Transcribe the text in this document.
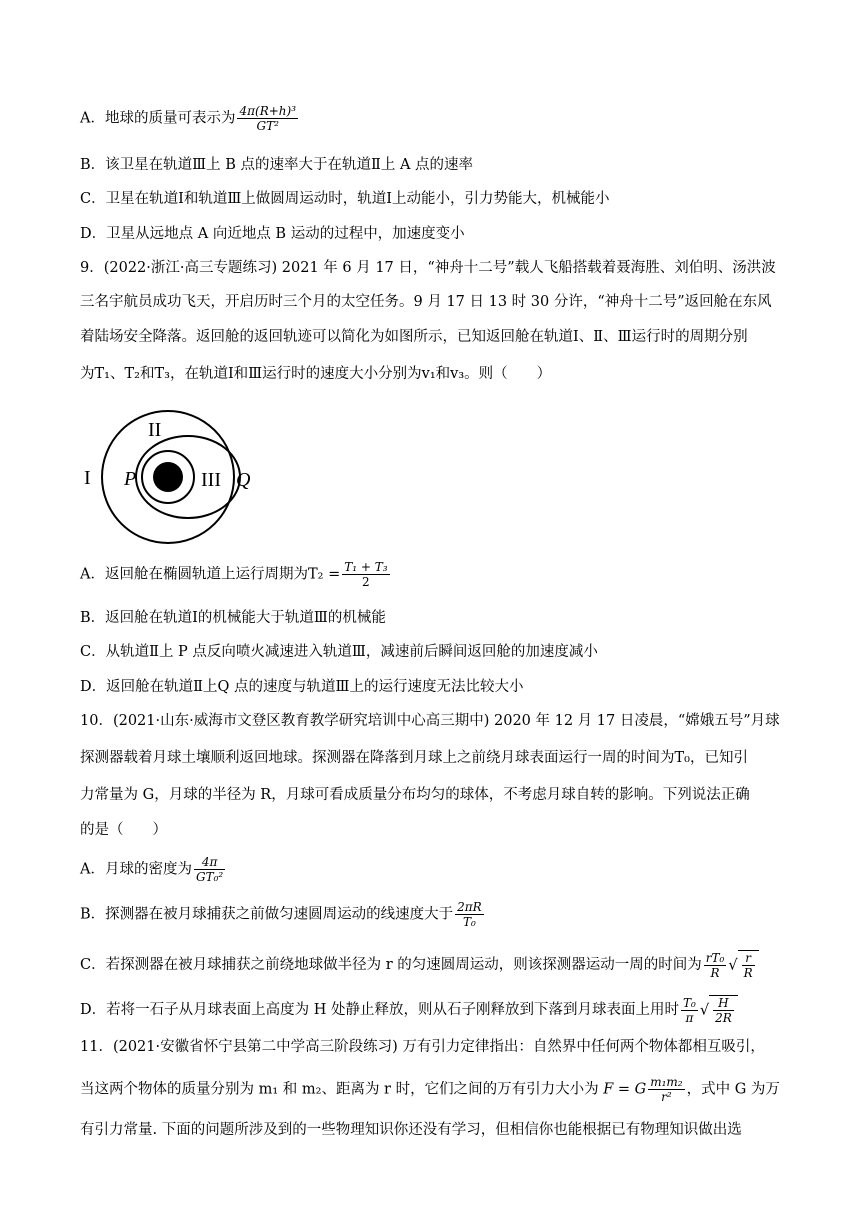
A．地球的质量可表示为 $\frac{\text{4π(R+h)³}}{\text{GT²}}$
B．该卫星在轨道Ⅲ上 B 点的速率大于在轨道Ⅱ上 A 点的速率
C．卫星在轨道Ⅰ和轨道Ⅲ上做圆周运动时，轨道Ⅰ上动能小，引力势能大，机械能小
D．卫星从远地点 A 向近地点 B 运动的过程中，加速度变小
9．(2022·浙江·高三专题练习) 2021 年 6 月 17 日，“神舟十二号”载人飞船搭载着聂海胜、刘伯明、汤洪波
三名宇航员成功飞天，开启历时三个月的太空任务。9 月 17 日 13 时 30 分许，“神舟十二号”返回舱在东风
着陆场安全降落。返回舱的返回轨迹可以简化为如图所示，已知返回舱在轨道Ⅰ、Ⅱ、Ⅲ运行时的周期分别
为T₁、T₂和T₃，在轨道Ⅰ和Ⅲ运行时的速度大小分别为v₁和v₃。则（　　）
I
II
P	III Q
A．返回舱在椭圆轨道上运行周期为$T_2 = \frac{\text{T₁ + T₃}}{2}$
B．返回舱在轨道Ⅰ的机械能大于轨道Ⅲ的机械能
C．从轨道Ⅱ上 P 点反向喷火减速进入轨道Ⅲ，减速前后瞬间返回舱的加速度减小
D．返回舱在轨道Ⅱ上Q 点的速度与轨道Ⅲ上的运行速度无法比较大小
10．(2021·山东·威海市文登区教育教学研究培训中心高三期中) 2020 年 12 月 17 日凌晨，“嫦娥五号”月球
探测器载着月球土壤顺利返回地球。探测器在降落到月球上之前绕月球表面运行一周的时间为T₀，已知引
力常量为 G，月球的半径为 R，月球可看成质量分布均匀的球体，不考虑月球自转的影响。下列说法正确
的是（　　）
A．月球的密度为 $\frac{4\pi}{\text{GT₀²}}$
B．探测器在被月球捕获之前做匀速圆周运动的线速度大于 $\frac{2\pi R}{\text{T₀}}$
C．若探测器在被月球捕获之前绕地球做半径为 r 的匀速圆周运动，则该探测器运动一周的时间为 $\frac{\text{rT₀}}{R}$ √ $\frac{r}{R}$
D．若将一石子从月球表面上高度为 H 处静止释放，则从石子刚释放到下落到月球表面上用时 $\frac{\text{T₀}}{\pi}$ √ $\frac{H}{2R}$
11．(2021·安徽省怀宁县第二中学高三阶段练习) 万有引力定律指出：自然界中任何两个物体都相互吸引，
当这两个物体的质量分别为 m₁ 和 m₂、距离为 r 时，它们之间的万有引力大小为 F = G $\frac{\text{m₁m₂}}{\text{r²}}$ ，式中 G 为万
有引力常量. 下面的问题所涉及到的一些物理知识你还没有学习，但相信你也能根据已有物理知识做出选
